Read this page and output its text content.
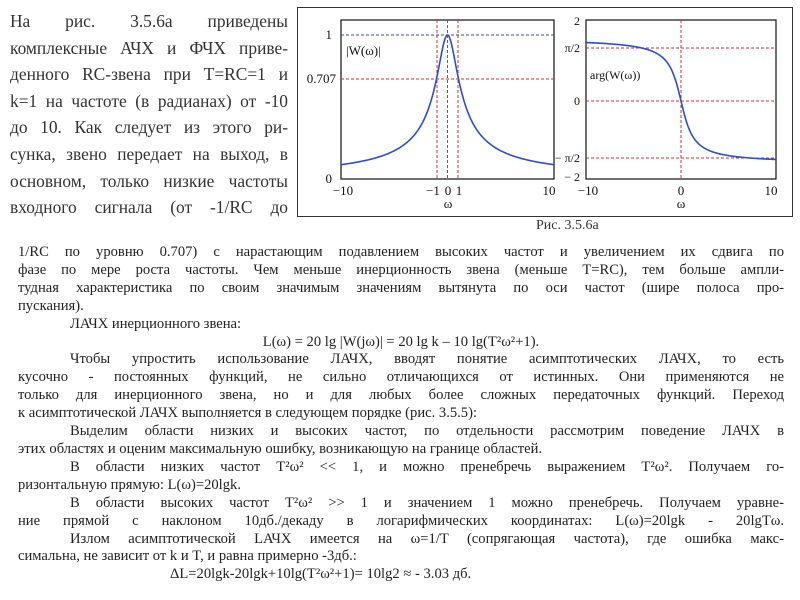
На рис. 3.5.6а приведены
комплексные АЧХ и ФЧХ приве-
денного RC-звена при T=RC=1 и
k=1 на частоте (в радианах) от -10
до 10. Как следует из этого ри-
сунка, звено передает на выход, в
основном, только низкие частоты
входного сигнала (от -1/RC до
1
0.707
0
|W(ω)|
−10	−1 0 1	10
ω
2
π/2
0
− π/2
− 2
arg(W(ω))
−10	0	10
ω
Рис. 3.5.6а
1/RC по уровню 0.707) с нарастающим подавлением высоких частот и увеличением их сдвига по
фазе по мере роста частоты. Чем меньше инерционность звена (меньше T=RC), тем больше ампли-
тудная характеристика по своим значимым значениям вытянута по оси частот (шире полоса про-
пускания).
ЛАЧХ инерционного звена:
L(ω) = 20 lg |W(jω)| = 20 lg k – 10 lg(T²ω²+1).
Чтобы упростить использование ЛАЧХ, вводят понятие асимптотических ЛАЧХ, то есть
кусочно - постоянных функций, не сильно отличающихся от истинных. Они применяются не
только для инерционного звена, но и для любых более сложных передаточных функций. Переход
к асимптотической ЛАЧХ выполняется в следующем порядке (рис. 3.5.5):
Выделим области низких и высоких частот, по отдельности рассмотрим поведение ЛАЧХ в
этих областях и оценим максимальную ошибку, возникающую на границе областей.
В области низких частот T²ω² << 1, и можно пренебречь выражением T²ω². Получаем го-
ризонтальную прямую: L(ω)=20lgk.
В области высоких частот T²ω² >> 1 и значением 1 можно пренебречь. Получаем уравне-
ние прямой с наклоном 10дб./декаду в логарифмических координатах: L(ω)=20lgk - 20lgTω.
Излом асимптотической LАЧХ имеется на ω=1/T (сопрягающая частота), где ошибка макс-
симальна, не зависит от k и T, и равна примерно -3дб.:
ΔL=20lgk-20lgk+10lg(T²ω²+1)= 10lg2 ≈ - 3.03 дб.
